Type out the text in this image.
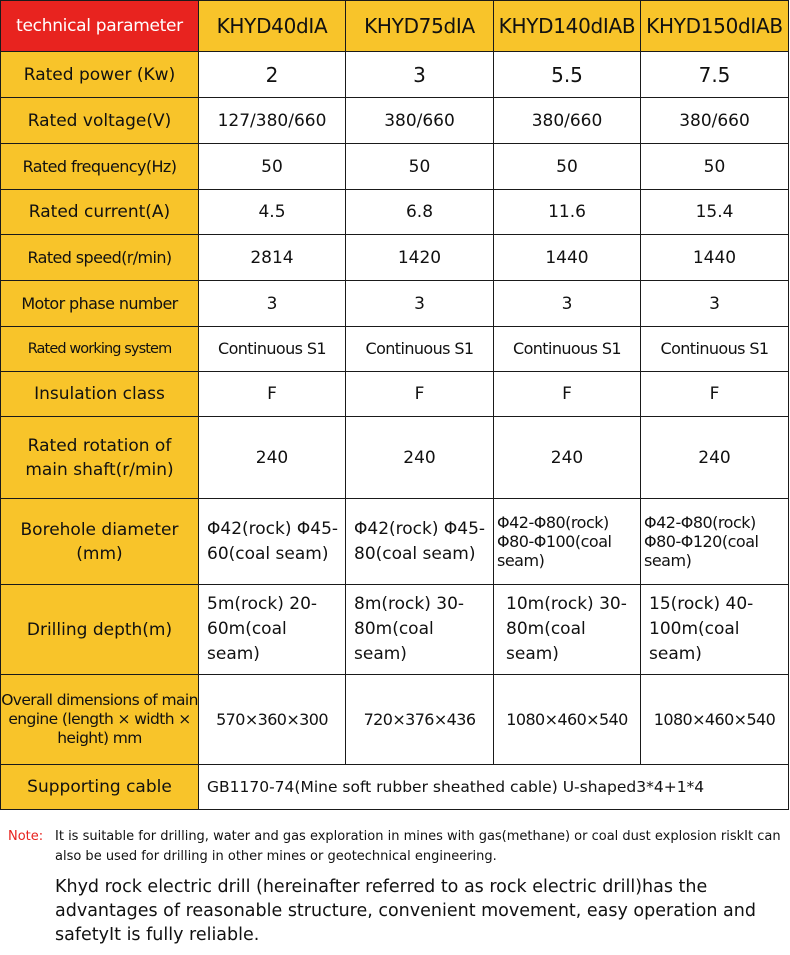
technical parameter	KHYD40dIA	KHYD75dIA	KHYD140dIAB	KHYD150dIAB
Rated power (Kw)	2	3	5.5	7.5
Rated voltage(V)	127/380/660	380/660	380/660	380/660
Rated frequency(Hz)	50	50	50	50
Rated current(A)	4.5	6.8	11.6	15.4
Rated speed(r/min)	2814	1420	1440	1440
Motor phase number	3	3	3	3
Rated working system	Continuous S1	Continuous S1	Continuous S1	Continuous S1
Insulation class	F	F	F	F
Rated rotation of main shaft(r/min)	240	240	240	240
Borehole diameter (mm)	Φ42(rock) Φ45-60(coal seam)	Φ42(rock) Φ45-80(coal seam)	Φ42-Φ80(rock) Φ80-Φ100(coal seam)	Φ42-Φ80(rock) Φ80-Φ120(coal seam)
Drilling depth(m)	5m(rock) 20-60m(coal seam)	8m(rock) 30-80m(coal seam)	10m(rock) 30-80m(coal seam)	15(rock) 40-100m(coal seam)
Overall dimensions of main engine (length × width × height) mm	570×360×300	720×376×436	1080×460×540	1080×460×540
Supporting cable	GB1170-74(Mine soft rubber sheathed cable) U-shaped3*4+1*4			
Note: It is suitable for drilling, water and gas exploration in mines with gas(methane) or coal dust explosion riskIt can also be used for drilling in other mines or geotechnical engineering.
Khyd rock electric drill (hereinafter referred to as rock electric drill)has the advantages of reasonable structure, convenient movement, easy operation and safetyIt is fully reliable.
